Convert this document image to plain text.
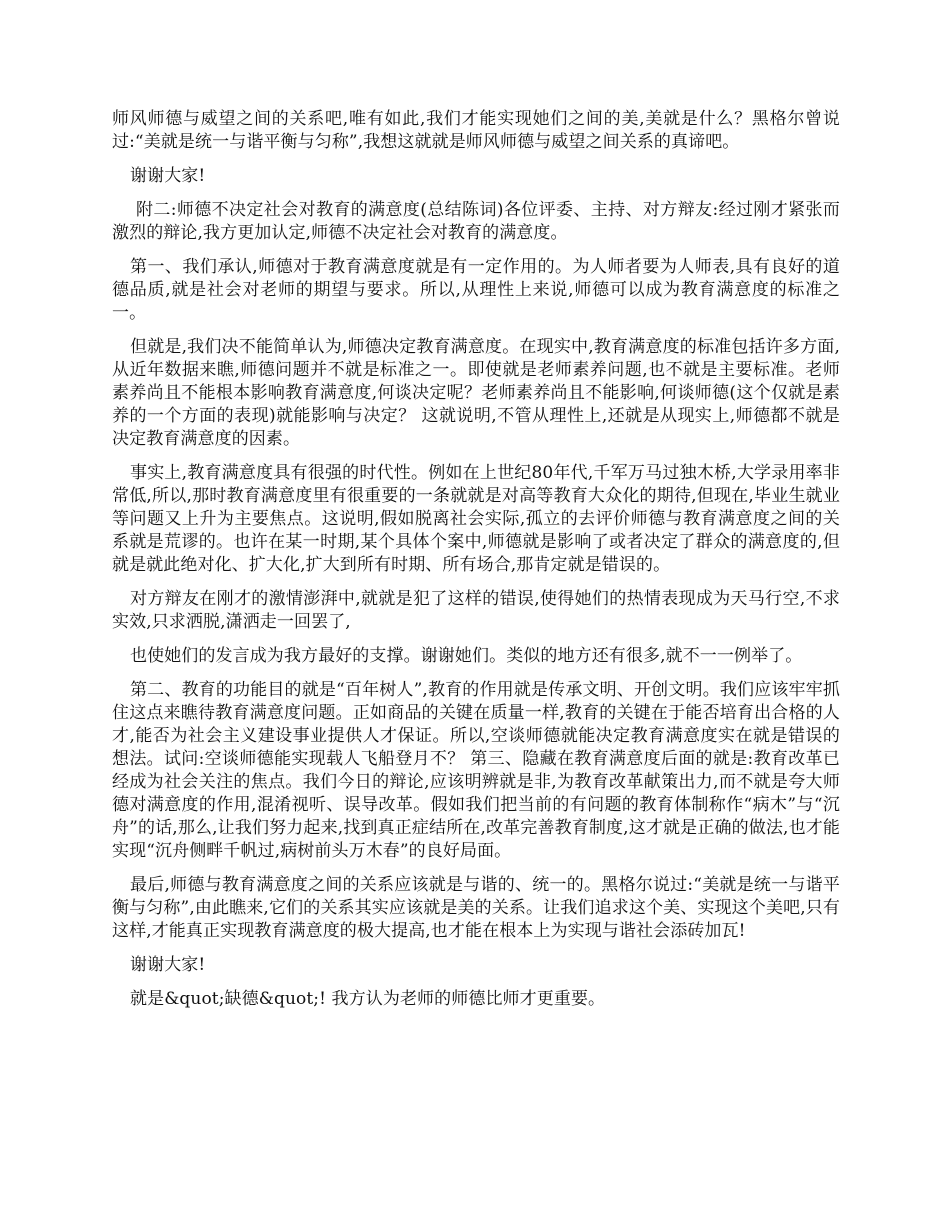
师风师德与威望之间的关系吧,唯有如此,我们才能实现她们之间的美,美就是什么？黑格尔曾说过:“美就是统一与谐平衡与匀称”,我想这就就是师风师德与威望之间关系的真谛吧。

谢谢大家!

附二:师德不决定社会对教育的满意度(总结陈词)各位评委、主持、对方辩友:经过刚才紧张而激烈的辩论,我方更加认定,师德不决定社会对教育的满意度。

第一、我们承认,师德对于教育满意度就是有一定作用的。为人师者要为人师表,具有良好的道德品质,就是社会对老师的期望与要求。所以,从理性上来说,师德可以成为教育满意度的标准之一。

但就是,我们决不能简单认为,师德决定教育满意度。在现实中,教育满意度的标准包括许多方面,从近年数据来瞧,师德问题并不就是标准之一。即使就是老师素养问题,也不就是主要标准。老师素养尚且不能根本影响教育满意度,何谈决定呢？老师素养尚且不能影响,何谈师德(这个仅就是素养的一个方面的表现)就能影响与决定？ 这就说明,不管从理性上,还就是从现实上,师德都不就是决定教育满意度的因素。

事实上,教育满意度具有很强的时代性。例如在上世纪80年代,千军万马过独木桥,大学录用率非常低,所以,那时教育满意度里有很重要的一条就就是对高等教育大众化的期待,但现在,毕业生就业等问题又上升为主要焦点。这说明,假如脱离社会实际,孤立的去评价师德与教育满意度之间的关系就是荒谬的。也许在某一时期,某个具体个案中,师德就是影响了或者决定了群众的满意度的,但就是就此绝对化、扩大化,扩大到所有时期、所有场合,那肯定就是错误的。

对方辩友在刚才的激情澎湃中,就就是犯了这样的错误,使得她们的热情表现成为天马行空,不求实效,只求洒脱,潇洒走一回罢了,

也使她们的发言成为我方最好的支撑。谢谢她们。类似的地方还有很多,就不一一例举了。

第二、教育的功能目的就是“百年树人”,教育的作用就是传承文明、开创文明。我们应该牢牢抓住这点来瞧待教育满意度问题。正如商品的关键在质量一样,教育的关键在于能否培育出合格的人才,能否为社会主义建设事业提供人才保证。所以,空谈师德就能决定教育满意度实在就是错误的想法。试问:空谈师德能实现载人飞船登月不？ 第三、隐藏在教育满意度后面的就是:教育改革已经成为社会关注的焦点。我们今日的辩论,应该明辨就是非,为教育改革献策出力,而不就是夸大师德对满意度的作用,混淆视听、误导改革。假如我们把当前的有问题的教育体制称作“病木”与“沉舟”的话,那么,让我们努力起来,找到真正症结所在,改革完善教育制度,这才就是正确的做法,也才能实现“沉舟侧畔千帆过,病树前头万木春”的良好局面。

最后,师德与教育满意度之间的关系应该就是与谐的、统一的。黑格尔说过:“美就是统一与谐平衡与匀称”,由此瞧来,它们的关系其实应该就是美的关系。让我们追求这个美、实现这个美吧,只有这样,才能真正实现教育满意度的极大提高,也才能在根本上为实现与谐社会添砖加瓦!

谢谢大家!

就是&quot;缺德&quot;! 我方认为老师的师德比师才更重要。
